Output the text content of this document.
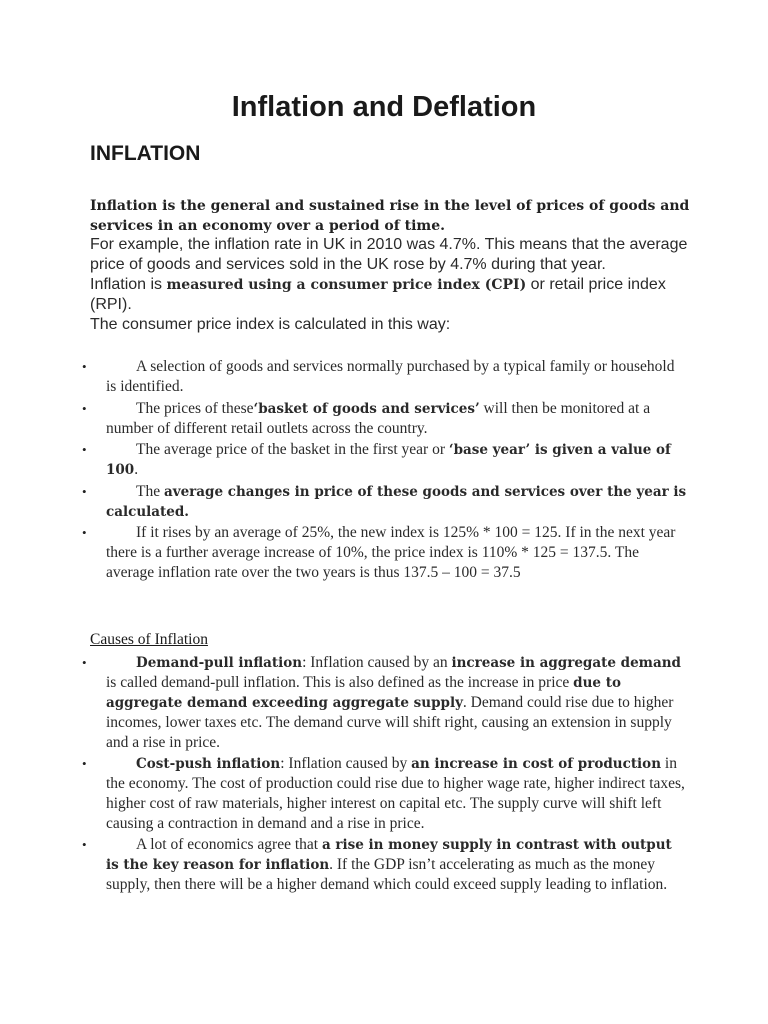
Inflation and Deflation
INFLATION

Inflation is the general and sustained rise in the level of prices of goods and services in an economy over a period of time.

For example, the inflation rate in UK in 2010 was 4.7%. This means that the average price of goods and services sold in the UK rose by 4.7% during that year.

Inflation is measured using a consumer price index (CPI) or retail price index (RPI).

The consumer price index is calculated in this way:

•	A selection of goods and services normally purchased by a typical family or household is identified.
•	The prices of these‘basket of goods and services’ will then be monitored at a number of different retail outlets across the country.
•	The average price of the basket in the first year or ‘base year’ is given a value of 100.
•	The average changes in price of these goods and services over the year is calculated.
•	If it rises by an average of 25%, the new index is 125% * 100 = 125. If in the next year there is a further average increase of 10%, the price index is 110% * 125 = 137.5. The average inflation rate over the two years is thus 137.5 – 100 = 37.5

Causes of Inflation

•	Demand-pull inflation: Inflation caused by an increase in aggregate demand is called demand-pull inflation. This is also defined as the increase in price due to aggregate demand exceeding aggregate supply. Demand could rise due to higher incomes, lower taxes etc. The demand curve will shift right, causing an extension in supply and a rise in price.
•	Cost-push inflation: Inflation caused by an increase in cost of production in the economy. The cost of production could rise due to higher wage rate, higher indirect taxes, higher cost of raw materials, higher interest on capital etc. The supply curve will shift left causing a contraction in demand and a rise in price.
•	A lot of economics agree that a rise in money supply in contrast with output is the key reason for inflation. If the GDP isn’t accelerating as much as the money supply, then there will be a higher demand which could exceed supply leading to inflation.
